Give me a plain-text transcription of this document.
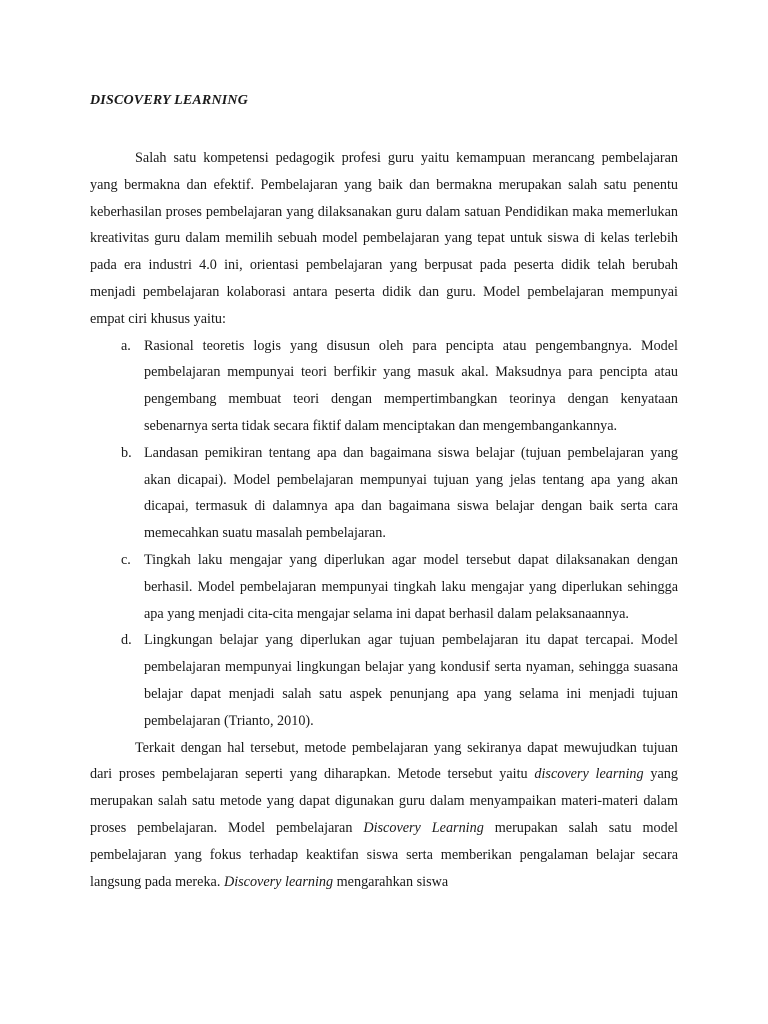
DISCOVERY LEARNING

Salah satu kompetensi pedagogik profesi guru yaitu kemampuan merancang pembelajaran yang bermakna dan efektif. Pembelajaran yang baik dan bermakna merupakan salah satu penentu keberhasilan proses pembelajaran yang dilaksanakan guru dalam satuan Pendidikan maka memerlukan kreativitas guru dalam memilih sebuah model pembelajaran yang tepat untuk siswa di kelas terlebih pada era industri 4.0 ini, orientasi pembelajaran yang berpusat pada peserta didik telah berubah menjadi pembelajaran kolaborasi antara peserta didik dan guru. Model pembelajaran mempunyai empat ciri khusus yaitu:

a. Rasional teoretis logis yang disusun oleh para pencipta atau pengembangnya. Model pembelajaran mempunyai teori berfikir yang masuk akal. Maksudnya para pencipta atau pengembang membuat teori dengan mempertimbangkan teorinya dengan kenyataan sebenarnya serta tidak secara fiktif dalam menciptakan dan mengembangankannya.
b. Landasan pemikiran tentang apa dan bagaimana siswa belajar (tujuan pembelajaran yang akan dicapai). Model pembelajaran mempunyai tujuan yang jelas tentang apa yang akan dicapai, termasuk di dalamnya apa dan bagaimana siswa belajar dengan baik serta cara memecahkan suatu masalah pembelajaran.
c. Tingkah laku mengajar yang diperlukan agar model tersebut dapat dilaksanakan dengan berhasil. Model pembelajaran mempunyai tingkah laku mengajar yang diperlukan sehingga apa yang menjadi cita-cita mengajar selama ini dapat berhasil dalam pelaksanaannya.
d. Lingkungan belajar yang diperlukan agar tujuan pembelajaran itu dapat tercapai. Model pembelajaran mempunyai lingkungan belajar yang kondusif serta nyaman, sehingga suasana belajar dapat menjadi salah satu aspek penunjang apa yang selama ini menjadi tujuan pembelajaran (Trianto, 2010).

Terkait dengan hal tersebut, metode pembelajaran yang sekiranya dapat mewujudkan tujuan dari proses pembelajaran seperti yang diharapkan. Metode tersebut yaitu discovery learning yang merupakan salah satu metode yang dapat digunakan guru dalam menyampaikan materi-materi dalam proses pembelajaran. Model pembelajaran Discovery Learning merupakan salah satu model pembelajaran yang fokus terhadap keaktifan siswa serta memberikan pengalaman belajar secara langsung pada mereka. Discovery learning mengarahkan siswa
